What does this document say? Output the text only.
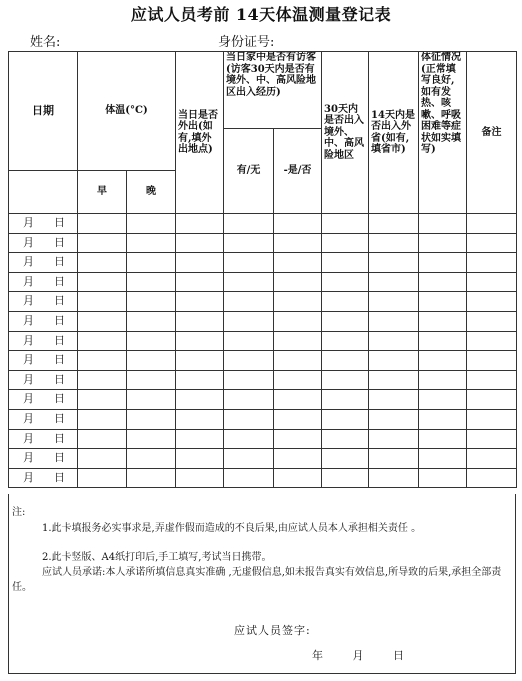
应试人员考前 14天体温测量登记表
姓名:	身份证号:
日期	体温(°C)		当日是否外出(如有,填外出地点)	当日家中是否有访客(访客30天内是否有境外、中、高风险地区出入经历)		30天内是否出入境外、中、高风险地区	14天内是否出入外省(如有,填省市)	体征情况(正常填写良好,如有发热、咳嗽、呼吸困难等症状如实填写)	备注
				有/无	-是/否				
	早	晚							
月 日									
月 日									
月 日									
月 日									
月 日									
月 日									
月 日									
月 日									
月 日									
月 日									
月 日									
月 日									
月 日									
月 日									
注:
1.此卡填报务必实事求是,弄虚作假而造成的不良后果,由应试人员本人承担相关责任 。
2.此卡竖版、A4纸打印后,手工填写,考试当日携带。
应试人员承诺:本人承诺所填信息真实准确 ,无虚假信息,如未报告真实有效信息,所导致的后果,承担全部责任。
应试人员签字:
年	月	日
